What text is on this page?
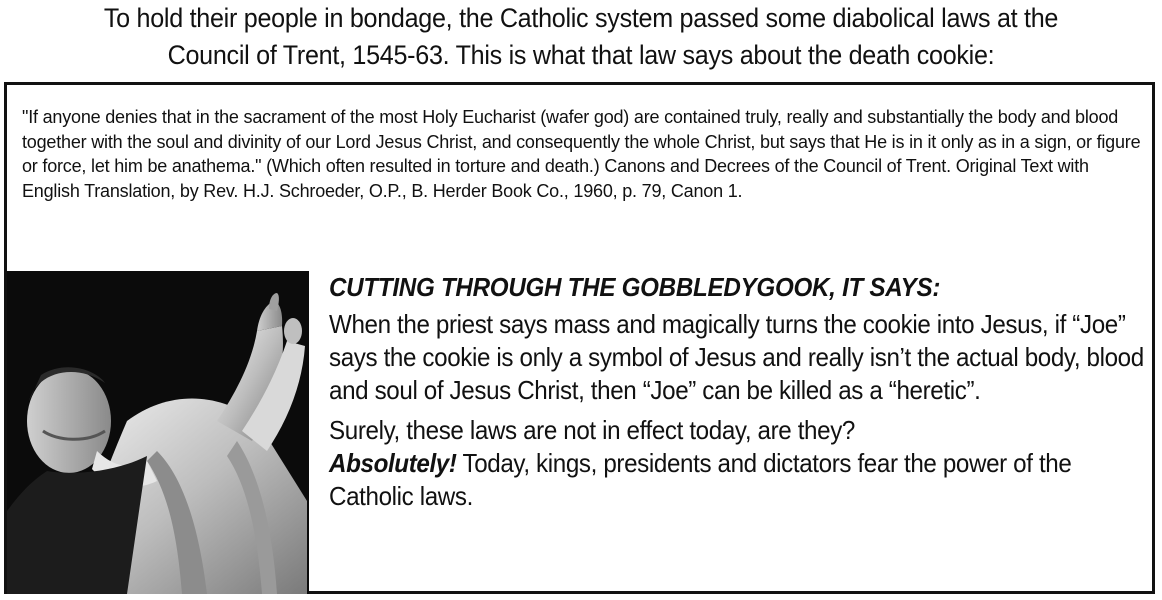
To hold their people in bondage, the Catholic system passed some diabolical laws at the
Council of Trent, 1545-63. This is what that law says about the death cookie:
"If anyone denies that in the sacrament of the most Holy Eucharist (wafer god) are contained truly, really and substantially the body and blood together with the soul and divinity of our Lord Jesus Christ, and consequently the whole Christ, but says that He is in it only as in a sign, or figure or force, let him be anathema." (Which often resulted in torture and death.) Canons and Decrees of the Council of Trent. Original Text with English Translation, by Rev. H.J. Schroeder, O.P., B. Herder Book Co., 1960, p. 79, Canon 1.
CUTTING THROUGH THE GOBBLEDYGOOK, IT SAYS:
When the priest says mass and magically turns the cookie into Jesus, if “Joe” says the cookie is only a symbol of Jesus and really isn’t the actual body, blood and soul of Jesus Christ, then “Joe” can be killed as a “heretic”.
Surely, these laws are not in effect today, are they?
Absolutely! Today, kings, presidents and dictators fear the power of the Catholic laws.
